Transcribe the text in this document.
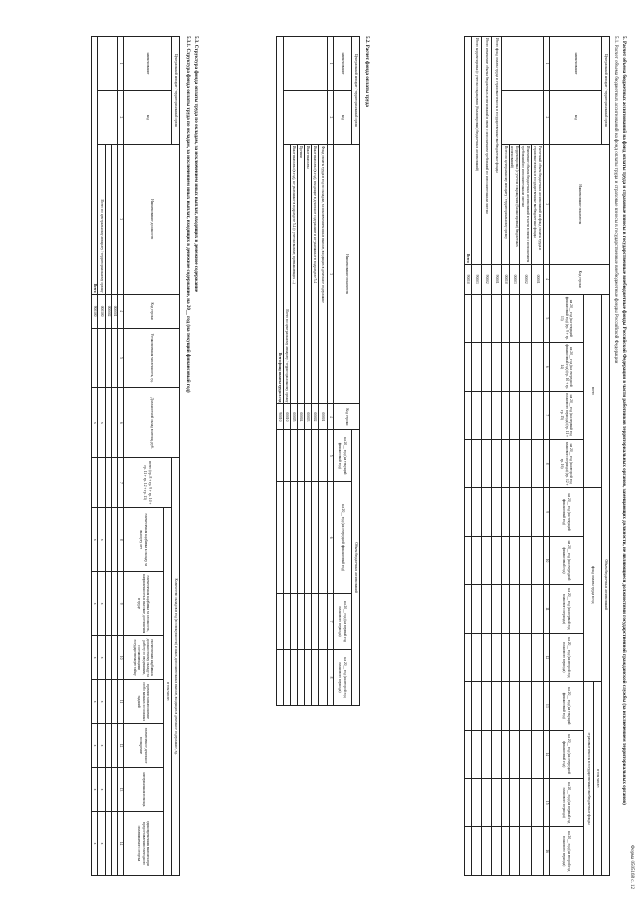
Форма 0505168 с. 12
5. Расчет объема бюджетных ассигнований на фонд оплаты труда и страховые взносы в государственные внебюджетные фонды Российской Федерации в части работников территориальных органов, замещающих должности, не являющиеся должностями государственной гражданской службы (за исключением территориальных органов)
5.1. Расчет объема бюджетных ассигнований на фонд оплаты труда и страховые взносы в государственные внебюджетные фонды Российской Федерации
Центральный аппарат / территориальный орган		Наименование показателя	Код строки	Объем бюджетных ассигнований											
наименование	код			всего				фонд оплаты труда в год				в том числе:			
												страховые взносы в государственные внебюджетные фонды			
				на 20__ год (на текущий финансовый год) (гр. 9 + гр. 13)	на 20__ год (на очередной финансовый год) (гр. 10 + гр. 14)	на 20__ год (на первый год планового периода) (гр. 11 + гр. 15)	на 20__ год (на второй год планового периода) (гр. 12 + гр. 16)	на 20__ год (на текущий финансовый год)	на 20__ год (на очередной финансовый год)	на 20__ год (на первый год планового периода)	на 20__ год (на второй год планового периода)	на 20__ год (на текущий финансовый год)	на 20__ год (на очередной финансовый год)	на 20__ год (на первый год планового периода)	на 20__ год (на второй год планового периода)
1	2	3	4	5	6	7	8	9	10	11	12	13	14	15	16
		Расчетный объем бюджетных ассигнований на фонд оплаты труда и страховые взносы в государственные внебюджетные фонды	00001												
		Изменение объема бюджетных ассигнований в части в связи с исполнением требований по исполнительным листам	00002												
		Корректировка (с учетом сокращения (балансировки) бюджетных ассигнований)	00003												
		Всего по центральному аппарату / территориальному органу	00010												
Итого фонд оплаты труда и страховые взносы в государственные внебюджетные фонды			90001												
Итого изменение объема бюджетных ассигнований в связи с исполнением требований по исполнительным листам			90002												
Итого корректировка (с учетом сокращения (балансировки) бюджетных ассигнований)			90003												
Всего			90010												
5.2. Расчет фонда оплаты труда
Центральный аппарат / территориальный орган		Наименование показателя	Код строки	Объем бюджетных ассигнований			
наименование	код			на 20__ год (на текущий финансовый год)	на 20__ год (на очередной финансовый год)	на 20__ год (на первый год планового периода)	на 20__ год (на второй год планового периода)
1	2	3	4	5	6	7	8
		Фонд оплаты труда в год по окладам, за исключением иных выплат, входящих в денежное содержание	00001				
		Иные выплаты (в год), входящие в денежное содержание и не указанные в подразделе 5.4	00002				
		Иные выплаты	00003				
		Премии	00004				
		Иные выплаты (в год), не указанные в подразделе 5.4 (с учетом выплат, превышающих ...)	00005				
		Всего по центральному аппарату / территориальному органу	00010				
Всего фонд оплаты труда в год			90010				
5.3. Структура фонда оплаты труда по окладам, за исключением иных выплат, входящих в денежное содержание
5.3.1. Структура фонда оплаты труда по окладам, за исключением иных выплат, входящих в денежное содержание, на 20__ год (на текущий финансовый год)
Центральный аппарат / территориальный орган		Наименование должности	Код строки	Установленная численность, ед.	Должностной оклад в месяц, руб.	Количество окладов в год (в совокупности) и иных дополнительных выплат, входящих в денежное содержание, ед.							
наименование	код					всего (гр. 8 + гр. 9 + гр. 10 + гр. 11 + гр. 12 + гр. 13)	в том числе:						
							ежемесячная надбавка к окладу за выслугу лет	ежемесячная надбавка за сложность, напряженность и высокие достижения в труде	ежемесячная надбавка к должностному окладу за работу со сведениями, составляющими государственную тайну	премии за выполнение особо важных и сложных заданий	ежемесячное денежное поощрение	материальная помощь	единовременная выплата при предоставлении ежегодного оплачиваемого отпуска
1	2	3	4	5	6	7	8	9	10	11	12	13	14
			000001										
			000002										
		Всего по центральному аппарату / территориальному органу	000100		x		x	x	x	x	x	x	x
Всего			900100		x		x	x	x	x	x	x	x
